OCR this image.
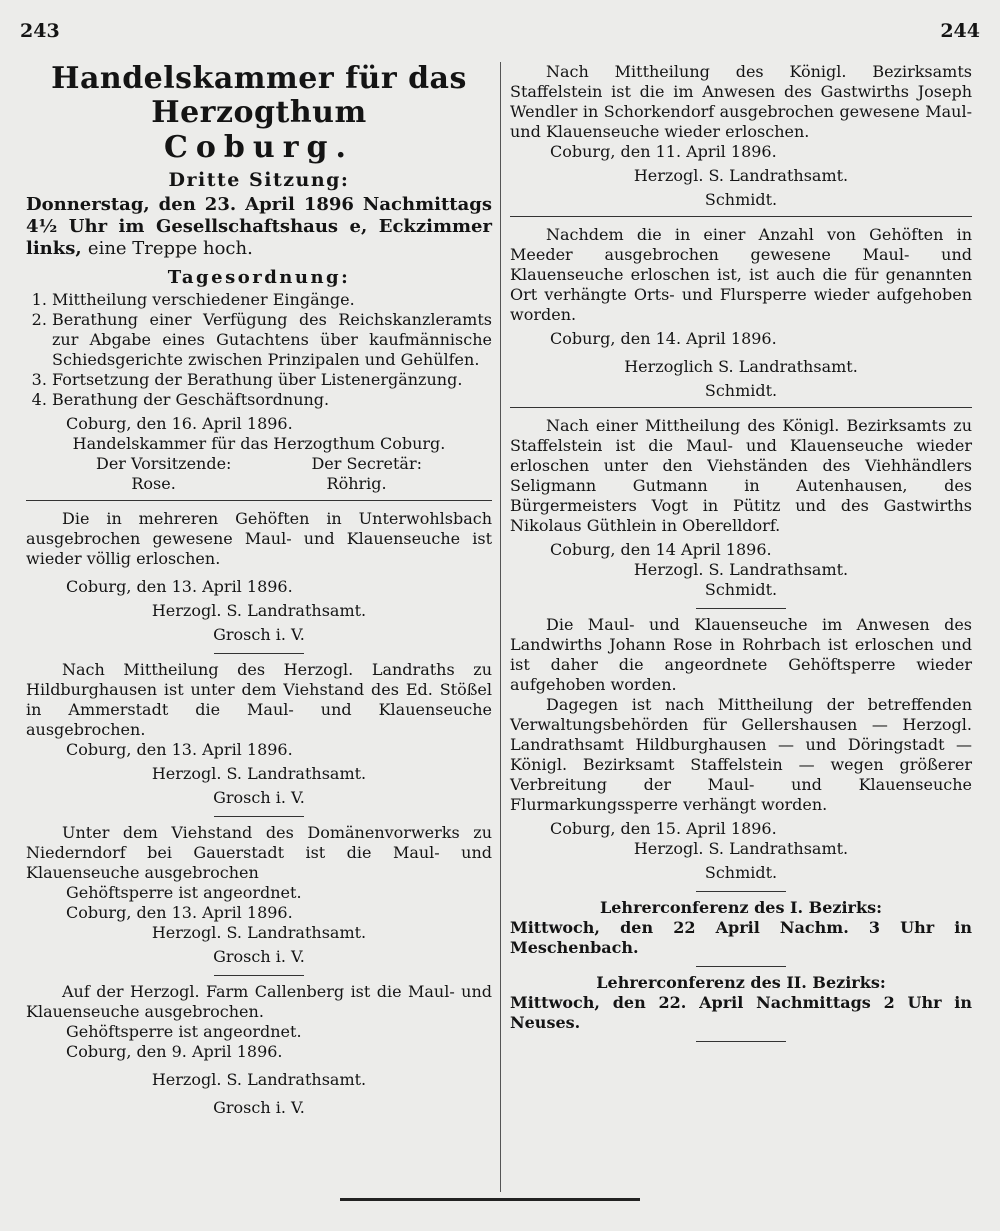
243	244

Handelskammer für das Herzogthum

Coburg.

Dritte Sitzung:

Donnerstag, den 23. April 1896 Nachmittags 4½ Uhr im Gesellschaftshaus e, Eckzimmer links, eine Treppe hoch.

Tagesordnung:

1. Mittheilung verschiedener Eingänge.
2. Berathung einer Verfügung des Reichskanzleramts zur Abgabe eines Gutachtens über kaufmännische Schiedsgerichte zwischen Prinzipalen und Gehülfen.
3. Fortsetzung der Berathung über Listenergänzung.
4. Berathung der Geschäftsordnung.

Coburg, den 16. April 1896.

Handelskammer für das Herzogthum Coburg.

Der Vorsitzende:	Der Secretär:
Rose.	Röhrig.

Die in mehreren Gehöften in Unterwohlsbach ausgebrochen gewesene Maul- und Klauenseuche ist wieder völlig erloschen.

Coburg, den 13. April 1896.

Herzogl. S. Landrathsamt.

Grosch i. V.

Nach Mittheilung des Herzogl. Landraths zu Hildburghausen ist unter dem Viehstand des Ed. Stößel in Ammerstadt die Maul- und Klauenseuche ausgebrochen.

Coburg, den 13. April 1896.

Herzogl. S. Landrathsamt.

Grosch i. V.

Unter dem Viehstand des Domänenvorwerks zu Niederndorf bei Gauerstadt ist die Maul- und Klauenseuche ausgebrochen

Gehöftsperre ist angeordnet.

Coburg, den 13. April 1896.

Herzogl. S. Landrathsamt.

Grosch i. V.

Auf der Herzogl. Farm Callenberg ist die Maul- und Klauenseuche ausgebrochen.

Gehöftsperre ist angeordnet.

Coburg, den 9. April 1896.

Herzogl. S. Landrathsamt.

Grosch i. V.

Nach Mittheilung des Königl. Bezirksamts Staffelstein ist die im Anwesen des Gastwirths Joseph Wendler in Schorkendorf ausgebrochen gewesene Maul- und Klauenseuche wieder erloschen.

Coburg, den 11. April 1896.

Herzogl. S. Landrathsamt.

Schmidt.

Nachdem die in einer Anzahl von Gehöften in Meeder ausgebrochen gewesene Maul- und Klauenseuche erloschen ist, ist auch die für genannten Ort verhängte Orts- und Flursperre wieder aufgehoben worden.

Coburg, den 14. April 1896.

Herzoglich S. Landrathsamt.

Schmidt.

Nach einer Mittheilung des Königl. Bezirksamts zu Staffelstein ist die Maul- und Klauenseuche wieder erloschen unter den Viehständen des Viehhändlers Seligmann Gutmann in Autenhausen, des Bürgermeisters Vogt in Pütitz und des Gastwirths Nikolaus Güthlein in Oberelldorf.

Coburg, den 14 April 1896.

Herzogl. S. Landrathsamt.

Schmidt.

Die Maul- und Klauenseuche im Anwesen des Landwirths Johann Rose in Rohrbach ist erloschen und ist daher die angeordnete Gehöftsperre wieder aufgehoben worden.

Dagegen ist nach Mittheilung der betreffenden Verwaltungsbehörden für Gellershausen — Herzogl. Landrathsamt Hildburghausen — und Döringstadt — Königl. Bezirksamt Staffelstein — wegen größerer Verbreitung der Maul- und Klauenseuche Flurmarkungssperre verhängt worden.

Coburg, den 15. April 1896.

Herzogl. S. Landrathsamt.

Schmidt.

Lehrerconferenz des I. Bezirks:

Mittwoch, den 22 April Nachm. 3 Uhr in Meschenbach.

Lehrerconferenz des II. Bezirks:

Mittwoch, den 22. April Nachmittags 2 Uhr in Neuses.
